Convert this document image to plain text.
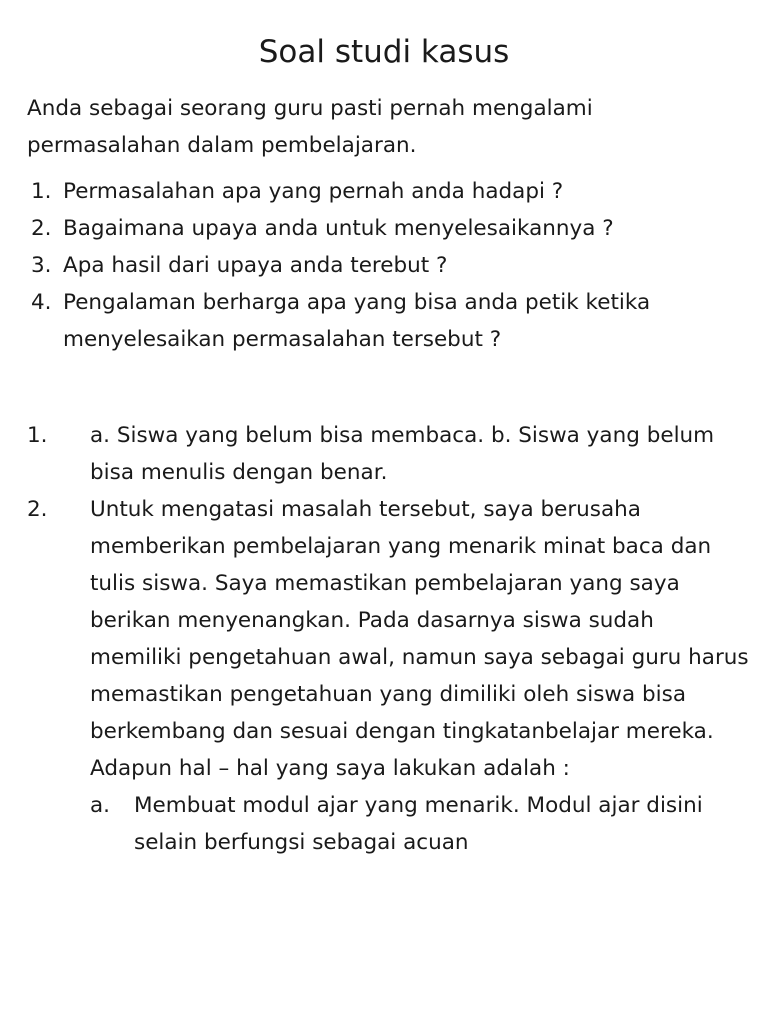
Soal studi kasus

Anda sebagai seorang guru pasti pernah mengalami permasalahan dalam pembelajaran.

1. Permasalahan apa yang pernah anda hadapi ?
2. Bagaimana upaya anda untuk menyelesaikannya ?
3. Apa hasil dari upaya anda terebut ?
4. Pengalaman berharga apa yang bisa anda petik ketika menyelesaikan permasalahan tersebut ?
1.	a. Siswa yang belum bisa membaca. b. Siswa yang belum bisa menulis dengan benar.
2.	Untuk mengatasi masalah tersebut, saya berusaha memberikan pembelajaran yang menarik minat baca dan tulis siswa. Saya memastikan pembelajaran yang saya berikan menyenangkan. Pada dasarnya siswa sudah memiliki pengetahuan awal, namun saya sebagai guru harus memastikan pengetahuan yang dimiliki oleh siswa bisa berkembang dan sesuai dengan tingkatanbelajar mereka. Adapun hal – hal yang saya lakukan adalah :
a.	Membuat modul ajar yang menarik. Modul ajar disini selain berfungsi sebagai acuan
